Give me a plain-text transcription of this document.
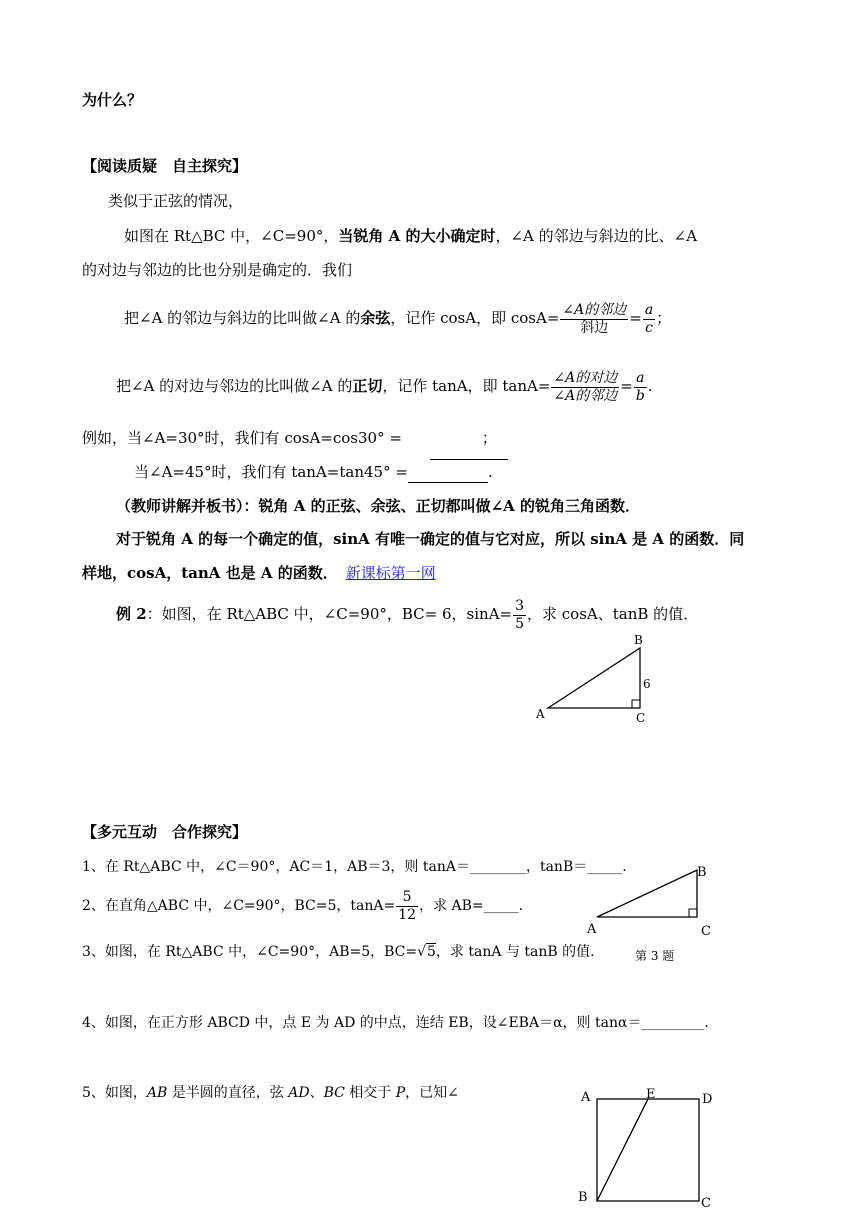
为什么？
【阅读质疑　自主探究】
类似于正弦的情况，
如图在 Rt△BC 中，∠C=90°，当锐角 A 的大小确定时，∠A 的邻边与斜边的比、∠A
的对边与邻边的比也分别是确定的．我们
把∠A 的邻边与斜边的比叫做∠A 的余弦，记作 cosA，即 $\cos A= \frac{\text{∠A的邻边}}{\text{斜边}} = \frac{a}{c}$ ；
把∠A 的对边与邻边的比叫做∠A 的正切，记作 tanA，即 $\tan A= \frac{\text{∠A的对边}}{\text{∠A的邻边}} = \frac{a}{b}$ .
例如，当∠A=30°时，我们有 cosA=cos30° =	；
当∠A=45°时，我们有 tanA=tan45° =	.
（教师讲解并板书）：锐角 A 的正弦、余弦、正切都叫做∠A 的锐角三角函数．
对于锐角 A 的每一个确定的值，sinA 有唯一确定的值与它对应，所以 sinA 是 A 的函数．同
样地，cosA，tanA 也是 A 的函数． 新课标第一网
例 2：如图，在 Rt△ABC 中，∠C=90°，BC= 6，$\sin A= \frac{3}{5}$ ，求 cosA、tanB 的值．
A
B
C
6
【多元互动　合作探究】
1、在 Rt△ABC 中，∠C＝90°，AC＝1，AB＝3，则 tanA＝________，tanB＝_____.
2、在直角△ABC 中，∠C=90°，BC=5，$\tan A= \frac{5}{12}$ ，求 AB=_____.
3、如图，在 Rt△ABC 中，∠C=90°，AB=5，BC=√5，求 tanA 与 tanB 的值.
A
B
C
第 3 题
4、如图，在正方形 ABCD 中，点 E 为 AD 的中点，连结 EB，设∠EBA＝α，则 tanα＝_________.
5、如图，AB 是半圆的直径，弦 AD、BC 相交于 P，已知∠	A	E	D
B	C
